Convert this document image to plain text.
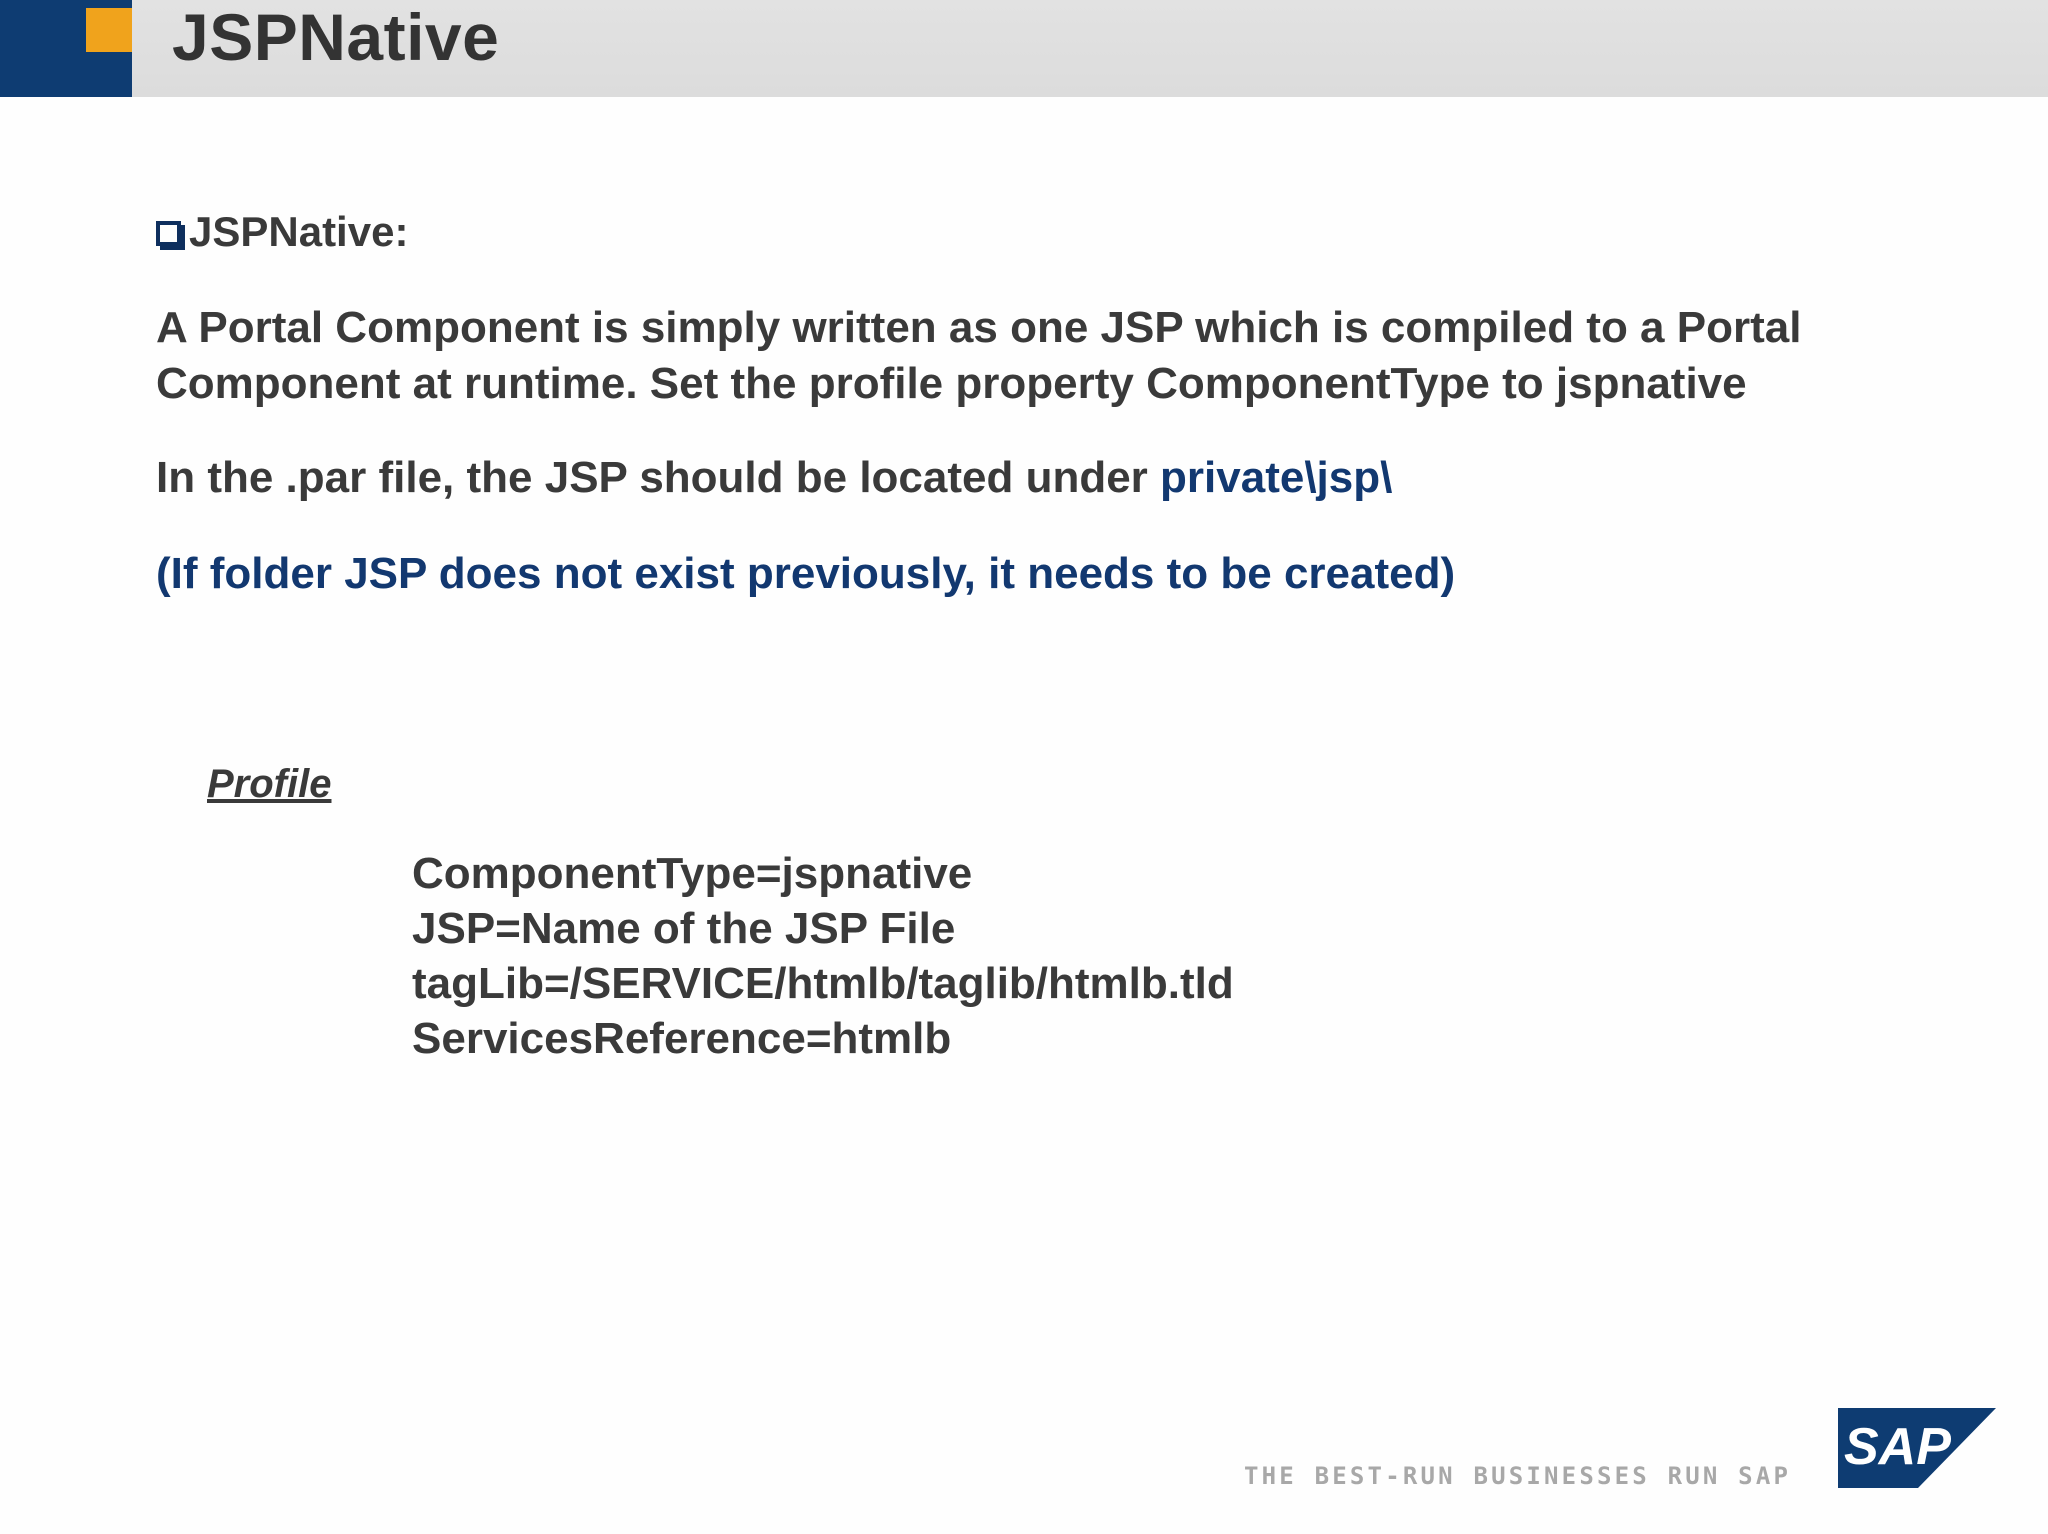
JSPNative
JSPNative:
A Portal Component is simply written as one JSP which is compiled to a Portal Component at runtime. Set the profile property ComponentType to jspnative
In the .par file, the JSP should be located under private\jsp\
(If folder JSP does not exist previously, it needs to be created)
Profile
ComponentType=jspnative
JSP=Name of the JSP File
tagLib=/SERVICE/htmlb/taglib/htmlb.tld
ServicesReference=htmlb
THE BEST-RUN BUSINESSES RUN SAP SAP
